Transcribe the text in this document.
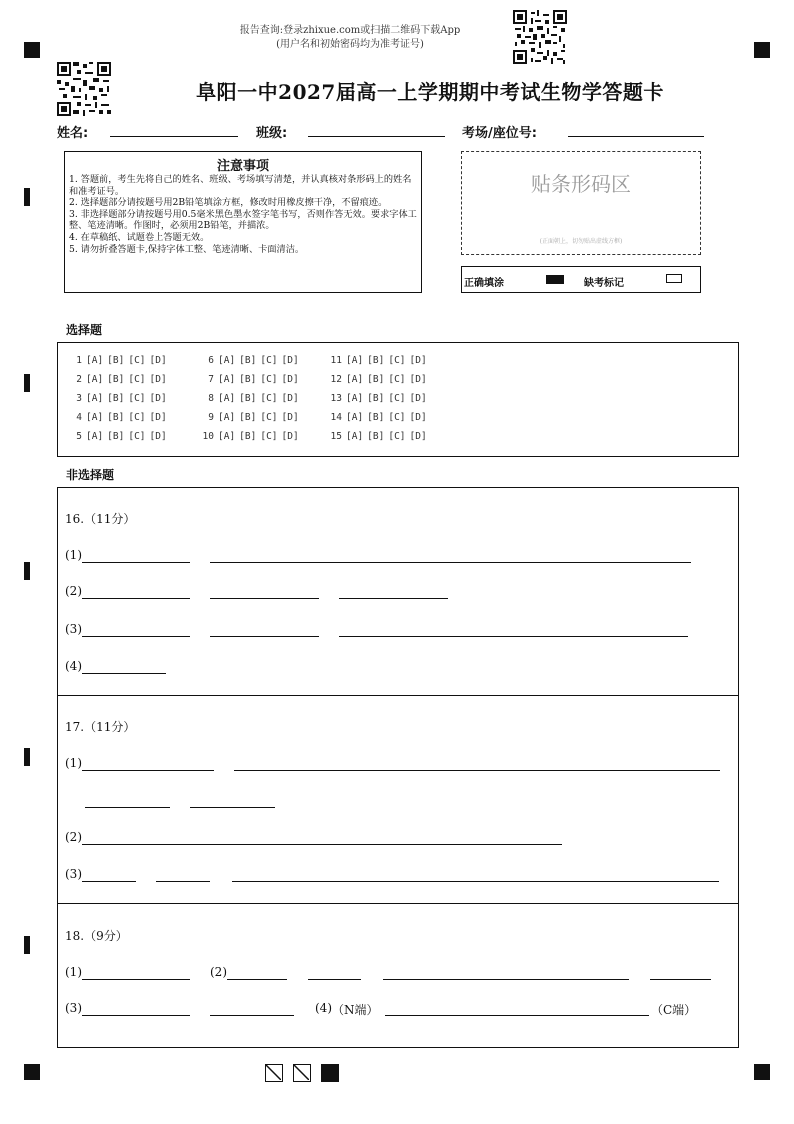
报告查询:登录zhixue.com或扫描二维码下载App
(用户名和初始密码均为准考证号)
阜阳一中2027届高一上学期期中考试生物学答题卡
姓名:	班级:	考场/座位号:
注意事项
1. 答题前，考生先将自己的姓名、班级、考场填写清楚，并认真核对条形码上的姓名和准考证号。
2. 选择题部分请按题号用2B铅笔填涂方框，修改时用橡皮擦干净，不留痕迹。
3. 非选择题部分请按题号用0.5毫米黑色墨水签字笔书写，否则作答无效。要求字体工整、笔迹清晰。作图时，必须用2B铅笔，并描浓。
4. 在草稿纸、试题卷上答题无效。
5. 请勿折叠答题卡,保持字体工整、笔迹清晰、卡面清洁。
贴条形码区
(正面朝上，切勿贴出虚线方框)
正确填涂	缺考标记
选择题
1 [A] [B] [C] [D]
2 [A] [B] [C] [D]
3 [A] [B] [C] [D]
4 [A] [B] [C] [D]
5 [A] [B] [C] [D]
6 [A] [B] [C] [D]
7 [A] [B] [C] [D]
8 [A] [B] [C] [D]
9 [A] [B] [C] [D]
10 [A] [B] [C] [D]
11 [A] [B] [C] [D]
12 [A] [B] [C] [D]
13 [A] [B] [C] [D]
14 [A] [B] [C] [D]
15 [A] [B] [C] [D]
非选择题
16.（11分）
(1)
(2)
(3)
(4)
17.（11分）
(1)
(2)
(3)
18.（9分）
(1)	(2)
(3)	(4) （N端）	（C端）
